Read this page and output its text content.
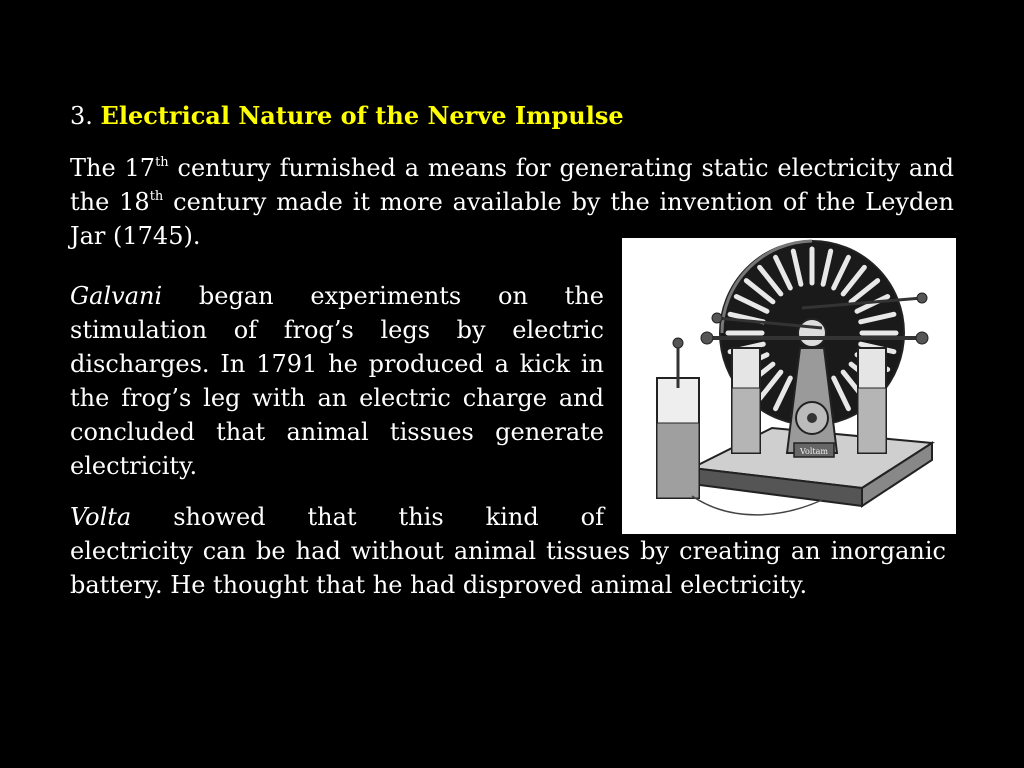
3. Electrical Nature of the Nerve Impulse

The 17th century furnished a means for generating static electricity and the 18th century made it more available by the invention of the Leyden Jar (1745).

Galvani began experiments on the stimulation of frog’s legs by electric discharges. In 1791 he produced a kick in the frog’s leg with an electric charge and concluded that animal tissues generate electricity.

Volta showed that this kind of
electricity can be had without animal tissues by creating an inorganic battery. He thought that he had disproved animal electricity.

Voltam
